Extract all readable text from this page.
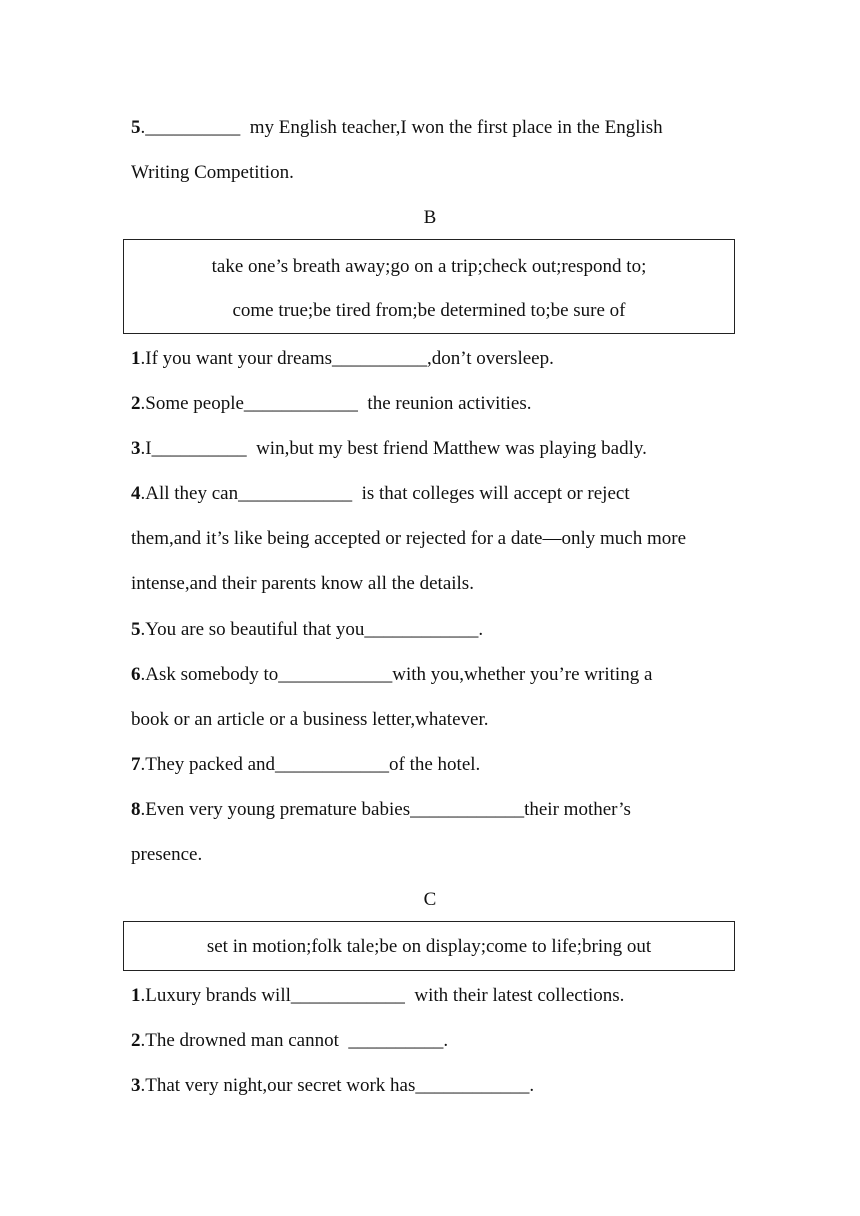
5.__________  my English teacher,I won the first place in the English
Writing Competition.
B
take one’s breath away;go on a trip;check out;respond to;
come true;be tired from;be determined to;be sure of
1.If you want your dreams__________,don’t oversleep.
2.Some people____________  the reunion activities.
3.I__________  win,but my best friend Matthew was playing badly.
4.All they can____________  is that colleges will accept or reject
them,and it’s like being accepted or rejected for a date—only much more
intense,and their parents know all the details.
5.You are so beautiful that you____________.
6.Ask somebody to____________with you,whether you’re writing a
book or an article or a business letter,whatever.
7.They packed and____________of the hotel.
8.Even very young premature babies____________their mother’s
presence.
C
set in motion;folk tale;be on display;come to life;bring out
1.Luxury brands will____________  with their latest collections.
2.The drowned man cannot  __________.
3.That very night,our secret work has____________.
